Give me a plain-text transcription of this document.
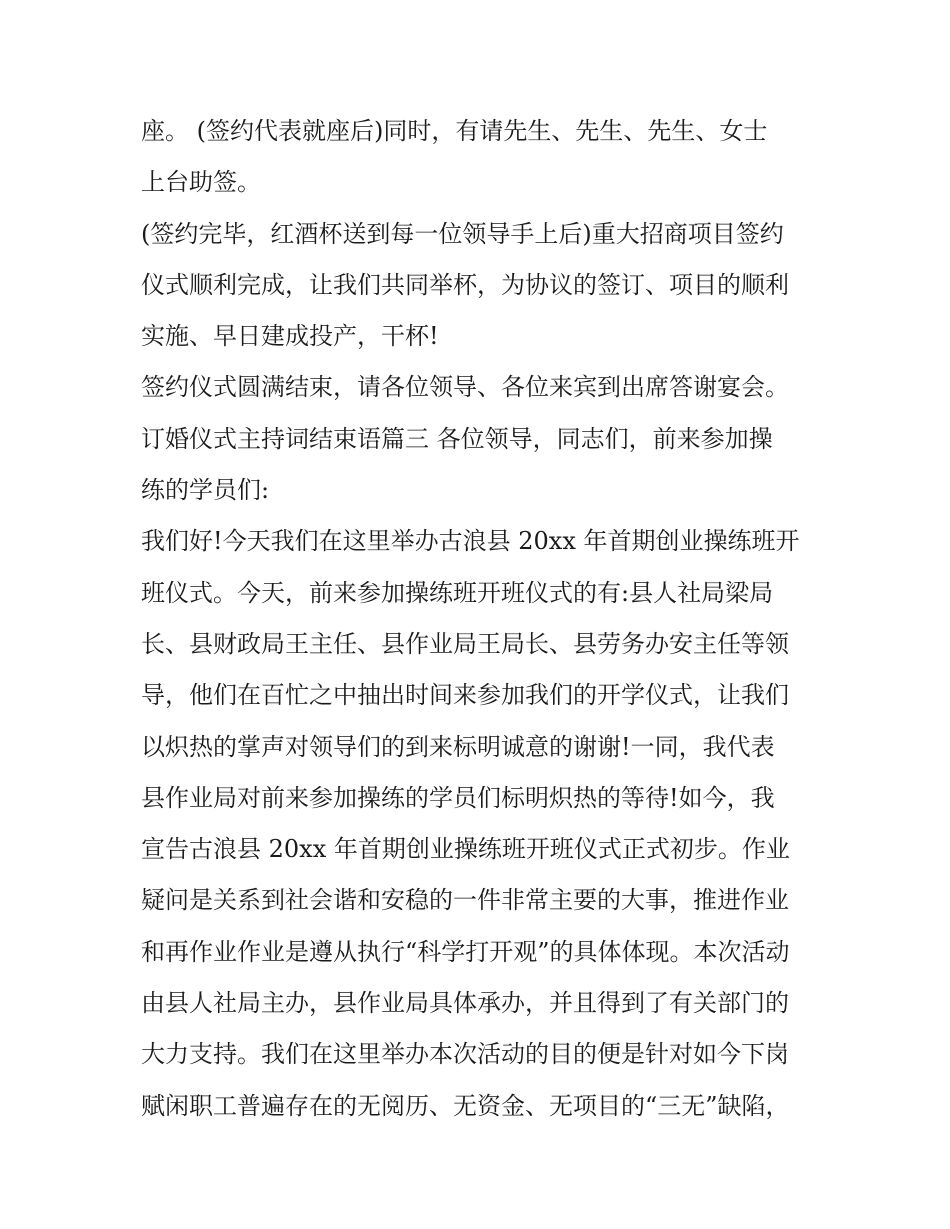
座。 (签约代表就座后)同时，有请先生、先生、先生、女士
上台助签。
(签约完毕，红酒杯送到每一位领导手上后)重大招商项目签约
仪式顺利完成，让我们共同举杯，为协议的签订、项目的顺利
实施、早日建成投产，干杯!
签约仪式圆满结束，请各位领导、各位来宾到出席答谢宴会。
订婚仪式主持词结束语篇三 各位领导，同志们，前来参加操
练的学员们:
我们好!今天我们在这里举办古浪县 20xx 年首期创业操练班开
班仪式。今天，前来参加操练班开班仪式的有:县人社局梁局
长、县财政局王主任、县作业局王局长、县劳务办安主任等领
导，他们在百忙之中抽出时间来参加我们的开学仪式，让我们
以炽热的掌声对领导们的到来标明诚意的谢谢!一同，我代表
县作业局对前来参加操练的学员们标明炽热的等待!如今，我
宣告古浪县 20xx 年首期创业操练班开班仪式正式初步。作业
疑问是关系到社会谐和安稳的一件非常主要的大事，推进作业
和再作业作业是遵从执行“科学打开观”的具体体现。本次活动
由县人社局主办，县作业局具体承办，并且得到了有关部门的
大力支持。我们在这里举办本次活动的目的便是针对如今下岗
赋闲职工普遍存在的无阅历、无资金、无项目的“三无”缺陷，
